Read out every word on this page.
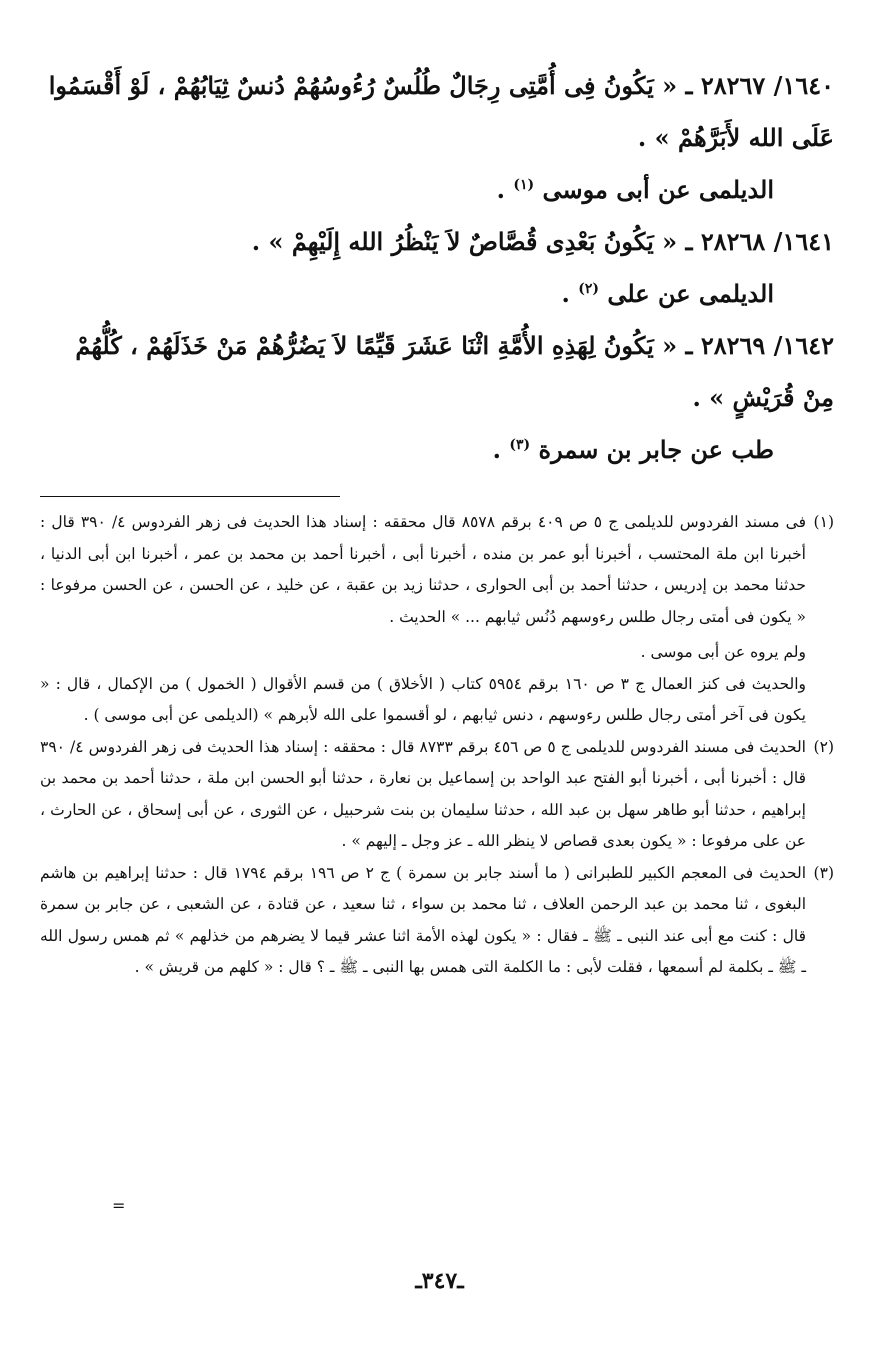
١٦٤٠/ ٢٨٢٦٧ ـ « يَكُونُ فِى أُمَّتِى رِجَالٌ طُلُسٌ رُءُوسُهُمْ دُنسٌ ثِيَابُهُمْ ، لَوْ أَقْسَمُوا

عَلَى الله لأَبَرَّهُمْ » .

الديلمى عن أبى موسى $^{(١)}$ .

١٦٤١/ ٢٨٢٦٨ ـ « يَكُونُ بَعْدِى قُصَّاصٌ لاَ يَنْظُرُ الله إِلَيْهِمْ » .

الديلمى عن على $^{(٢)}$ .

١٦٤٢/ ٢٨٢٦٩ ـ « يَكُونُ لِهَذِهِ الأُمَّةِ اثْنَا عَشَرَ قَيِّمًا لاَ يَضُرُّهُمْ مَنْ خَذَلَهُمْ ، كُلُّهُمْ

مِنْ قُرَيْشٍ » .

طب عن جابر بن سمرة $^{(٣)}$ .

(١)

فى مسند الفردوس للديلمى ج ٥ ص ٤٠٩ برقم ٨٥٧٨ قال محققه : إسناد هذا الحديث فى زهر الفردوس ٤/ ٣٩٠ قال : أخبرنا ابن ملة المحتسب ، أخبرنا أبو عمر بن منده ، أخبرنا أبى ، أخبرنا أحمد بن محمد بن عمر ، أخبرنا ابن أبى الدنيا ، حدثنا محمد بن إدريس ، حدثنا أحمد بن أبى الحوارى ، حدثنا زيد بن عقبة ، عن خليد ، عن الحسن ، عن الحسن مرفوعا : « يكون فى أمتى رجال طلس رءوسهم دُنُس ثيابهم ... » الحديث .

ولم يروه عن أبى موسى .

والحديث فى كنز العمال ج ٣ ص ١٦٠ برقم ٥٩٥٤ كتاب ( الأخلاق ) من قسم الأقوال ( الخمول ) من الإكمال ، قال : « يكون فى آخر أمتى رجال طلس رءوسهم ، دنس ثيابهم ، لو أقسموا على الله لأبرهم » (الديلمى عن أبى موسى ) .

(٢)

الحديث فى مسند الفردوس للديلمى ج ٥ ص ٤٥٦ برقم ٨٧٣٣ قال : محققه : إسناد هذا الحديث فى زهر الفردوس ٤/ ٣٩٠ قال : أخبرنا أبى ، أخبرنا أبو الفتح عبد الواحد بن إسماعيل بن نعارة ، حدثنا أبو الحسن ابن ملة ، حدثنا أحمد بن محمد بن إبراهيم ، حدثنا أبو طاهر سهل بن عبد الله ، حدثنا سليمان بن بنت شرحبيل ، عن الثورى ، عن أبى إسحاق ، عن الحارث ، عن على مرفوعا : « يكون بعدى قصاص لا ينظر الله ـ عز وجل ـ إليهم » .

(٣)

الحديث فى المعجم الكبير للطبرانى ( ما أسند جابر بن سمرة ) ج ٢ ص ١٩٦ برقم ١٧٩٤ قال : حدثنا إبراهيم بن هاشم البغوى ، ثنا محمد بن عبد الرحمن العلاف ، ثنا محمد بن سواء ، ثنا سعيد ، عن قتادة ، عن الشعبى ، عن جابر بن سمرة قال : كنت مع أبى عند النبى ـ ﷺ ـ فقال : « يكون لهذه الأمة اثنا عشر قيما لا يضرهم من خذلهم » ثم همس رسول الله ـ ﷺ ـ بكلمة لم أسمعها ، فقلت لأبى : ما الكلمة التى همس بها النبى ـ ﷺ ـ ؟ قال : « كلهم من قريش » .

=
ـ٣٤٧ـ
